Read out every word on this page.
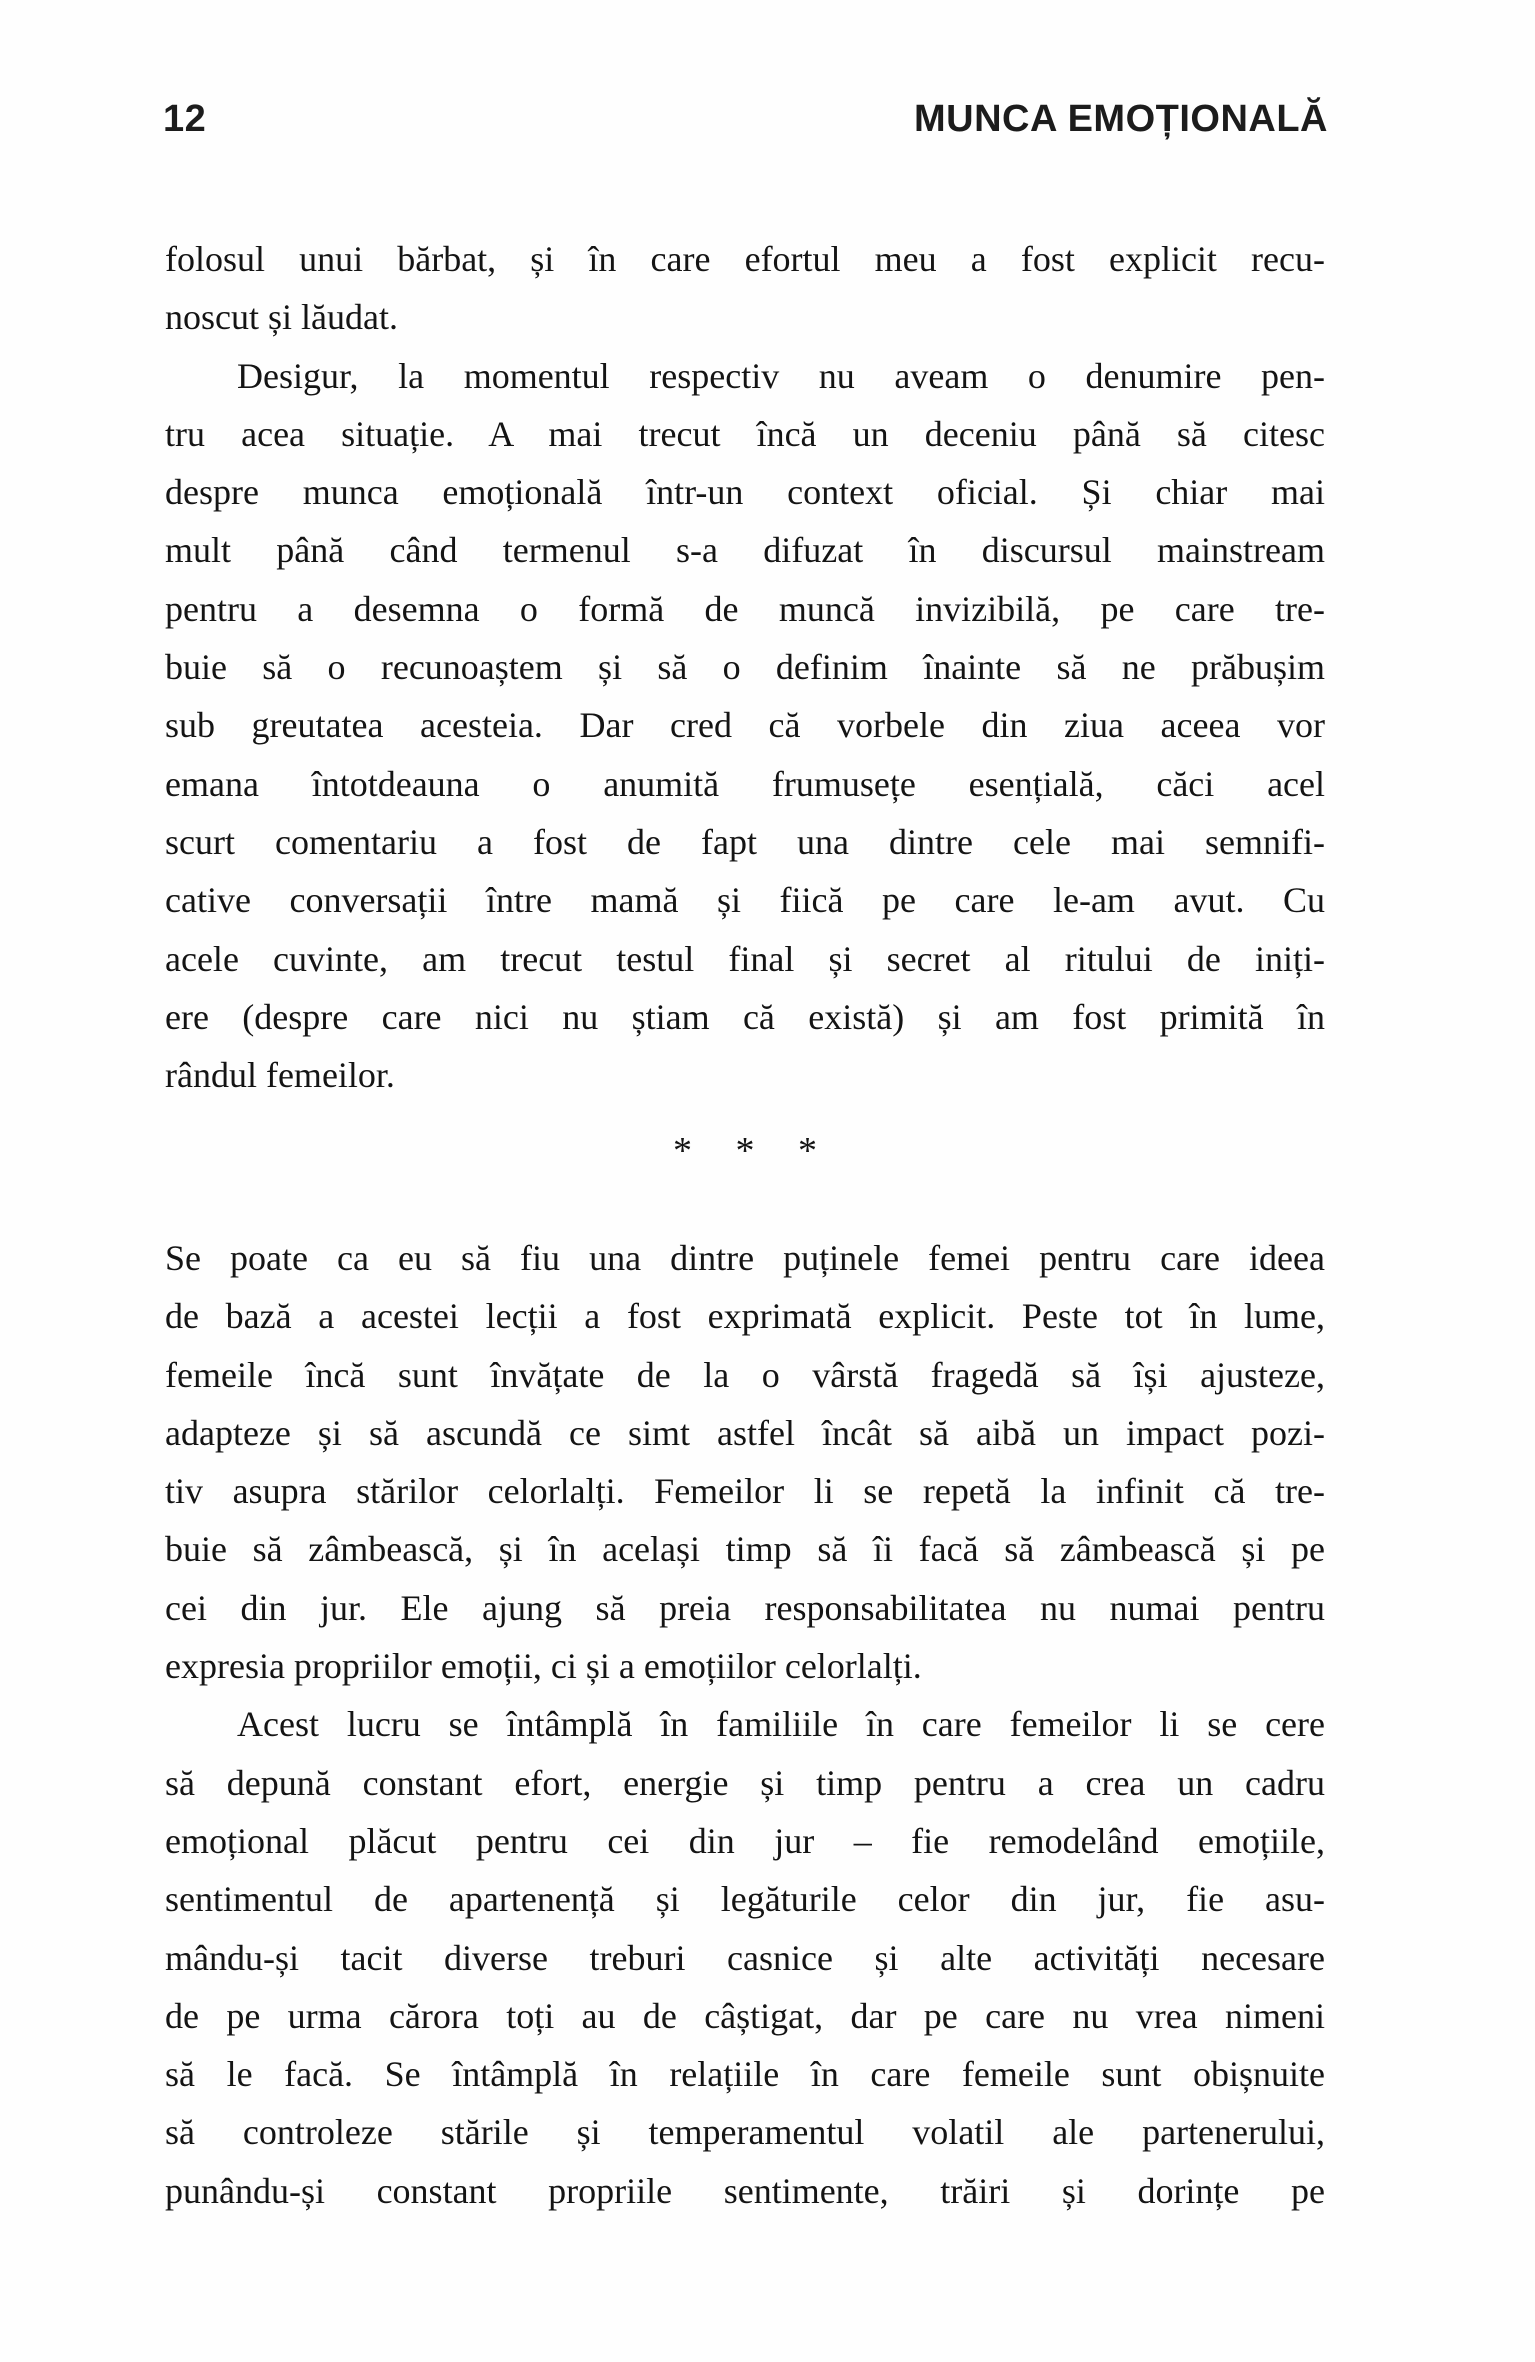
12	MUNCA EMOȚIONALĂ
folosul unui bărbat, și în care efortul meu a fost explicit recu-
noscut și lăudat.
Desigur, la momentul respectiv nu aveam o denumire pen-
tru acea situație. A mai trecut încă un deceniu până să citesc
despre munca emoțională într-un context oficial. Și chiar mai
mult până când termenul s-a difuzat în discursul mainstream
pentru a desemna o formă de muncă invizibilă, pe care tre-
buie să o recunoaștem și să o definim înainte să ne prăbușim
sub greutatea acesteia. Dar cred că vorbele din ziua aceea vor
emana întotdeauna o anumită frumusețe esențială, căci acel
scurt comentariu a fost de fapt una dintre cele mai semnifi-
cative conversații între mamă și fiică pe care le-am avut. Cu
acele cuvinte, am trecut testul final și secret al ritului de iniți-
ere (despre care nici nu știam că există) și am fost primită în
rândul femeilor.
* * *
Se poate ca eu să fiu una dintre puținele femei pentru care ideea
de bază a acestei lecții a fost exprimată explicit. Peste tot în lume,
femeile încă sunt învățate de la o vârstă fragedă să își ajusteze,
adapteze și să ascundă ce simt astfel încât să aibă un impact pozi-
tiv asupra stărilor celorlalți. Femeilor li se repetă la infinit că tre-
buie să zâmbească, și în același timp să îi facă să zâmbească și pe
cei din jur. Ele ajung să preia responsabilitatea nu numai pentru
expresia propriilor emoții, ci și a emoțiilor celorlalți.
Acest lucru se întâmplă în familiile în care femeilor li se cere
să depună constant efort, energie și timp pentru a crea un cadru
emoțional plăcut pentru cei din jur – fie remodelând emoțiile,
sentimentul de apartenență și legăturile celor din jur, fie asu-
mându-și tacit diverse treburi casnice și alte activități necesare
de pe urma cărora toți au de câștigat, dar pe care nu vrea nimeni
să le facă. Se întâmplă în relațiile în care femeile sunt obișnuite
să controleze stările și temperamentul volatil ale partenerului,
punându-și constant propriile sentimente, trăiri și dorințe pe
